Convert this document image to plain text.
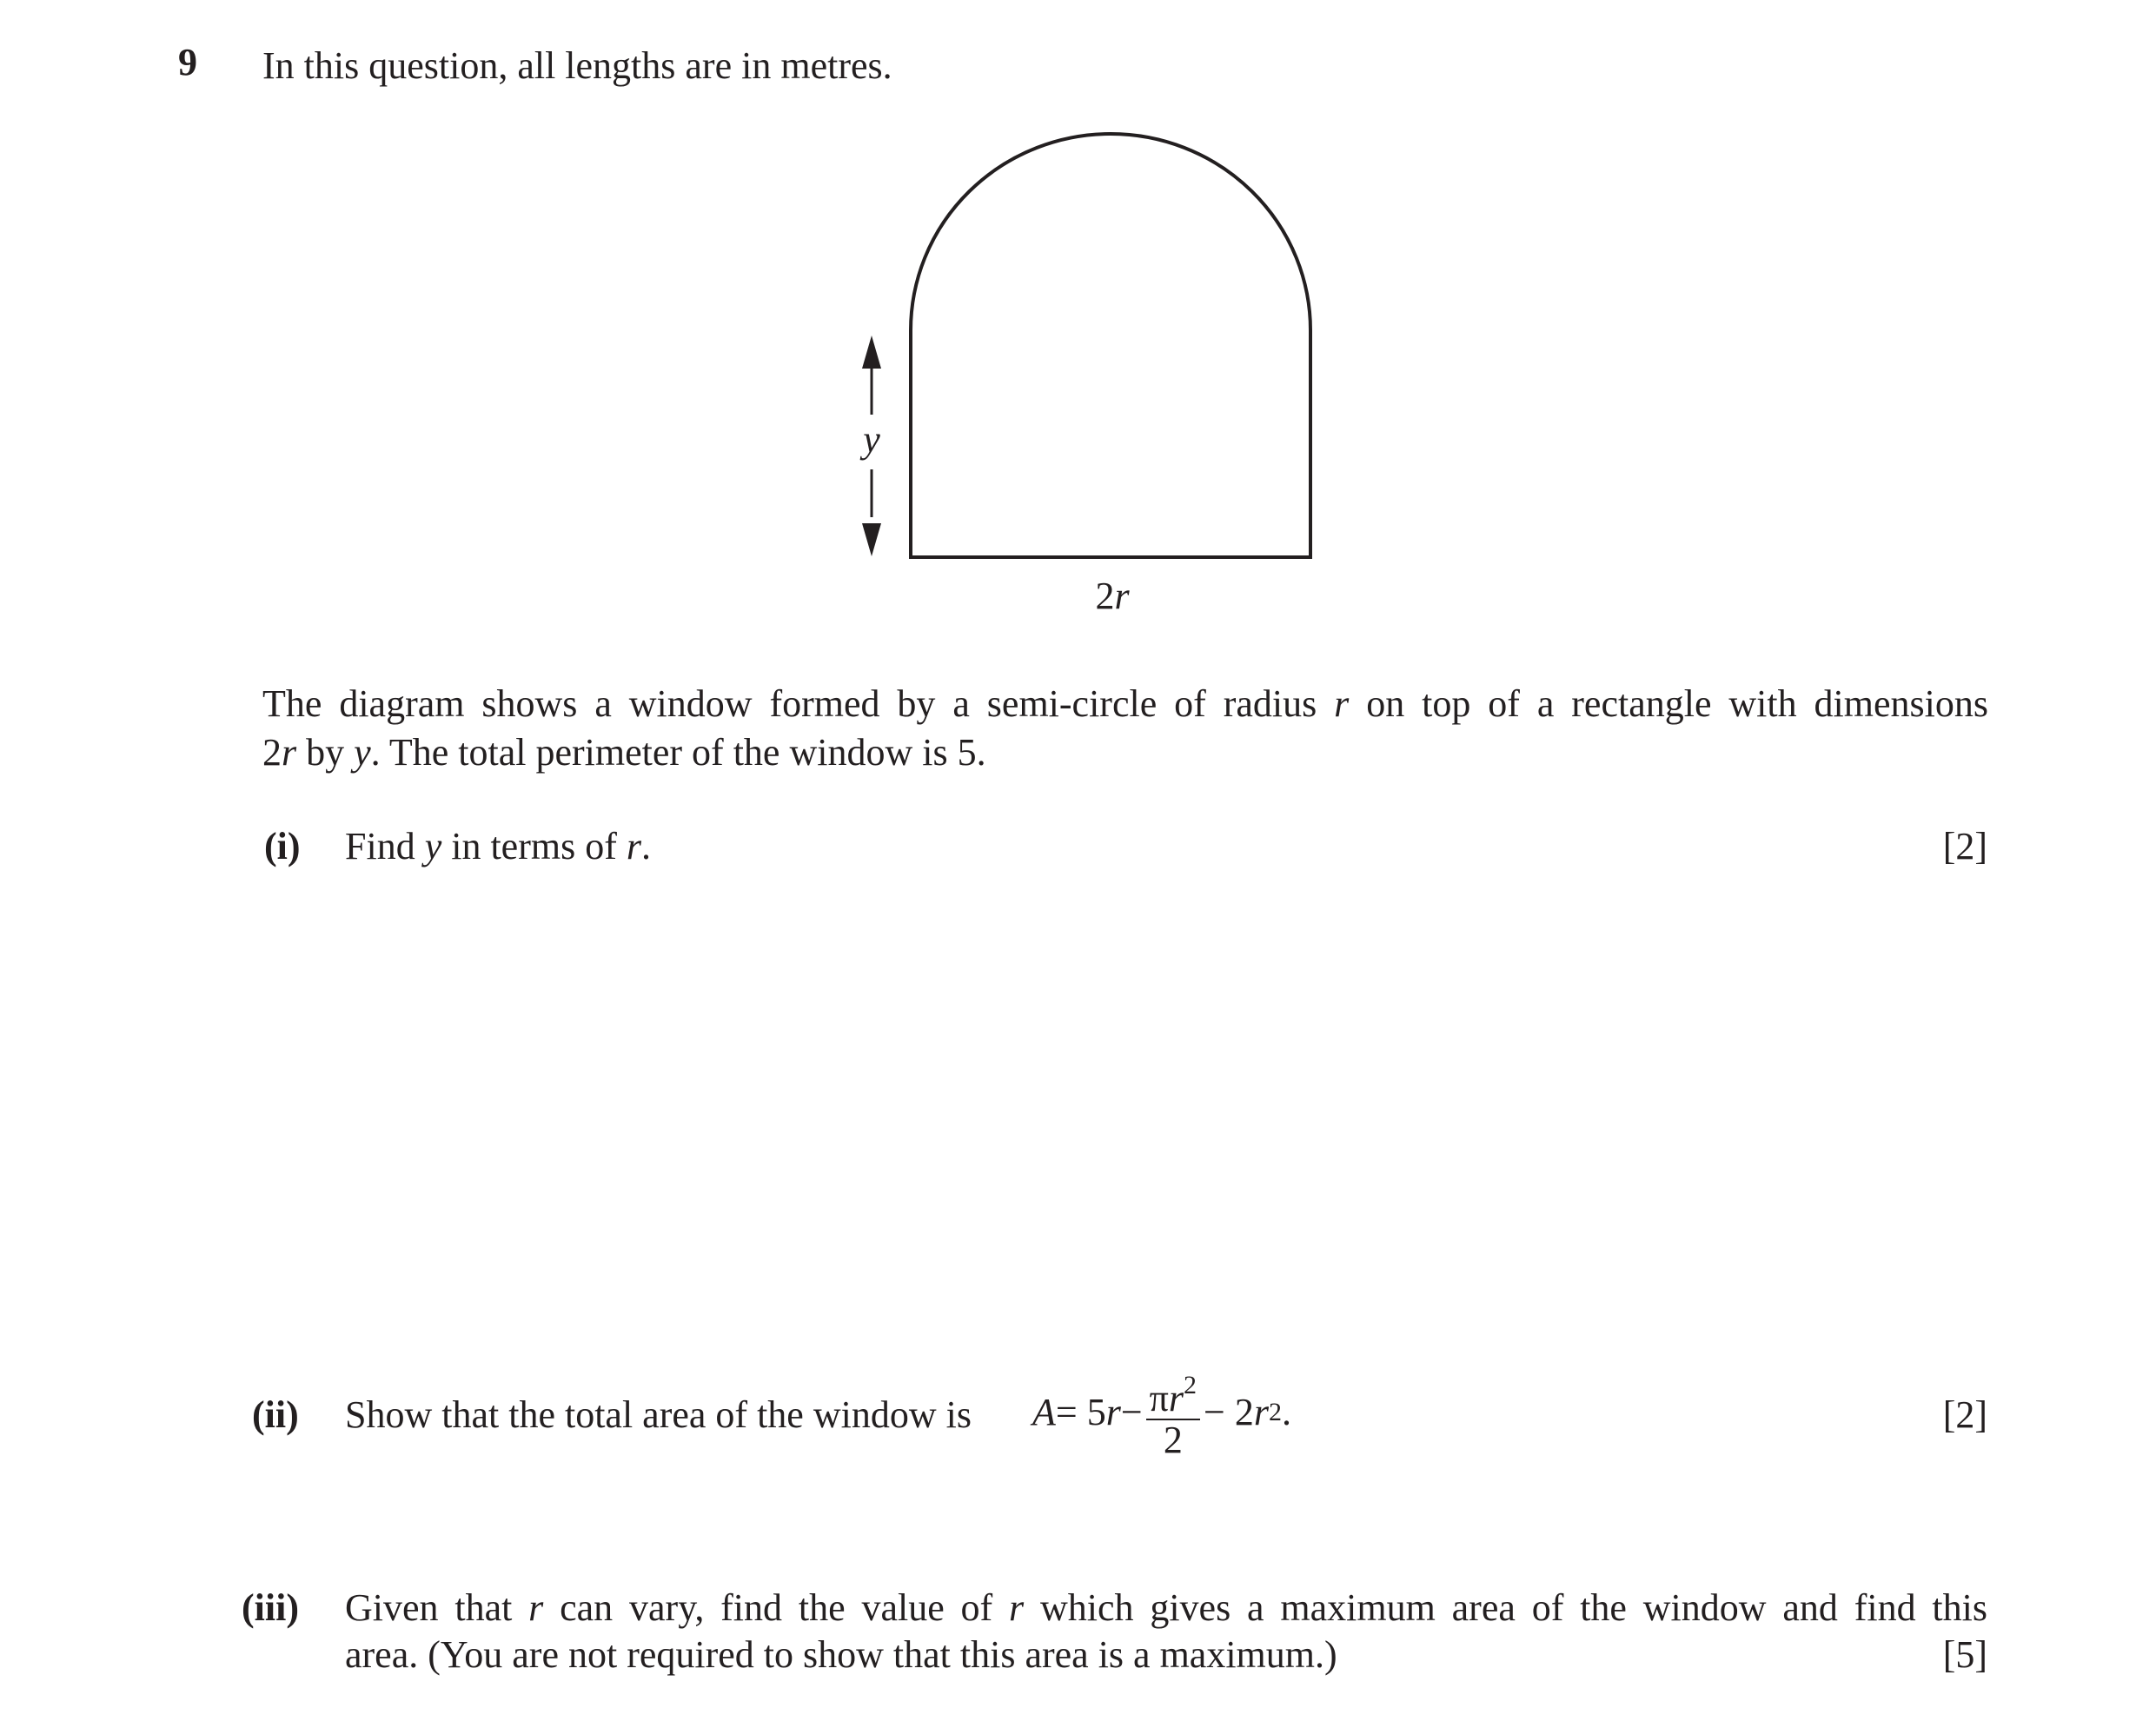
9 In this question, all lengths are in metres.
y
2r
The diagram shows a window formed by a semi-circle of radius r on top of a rectangle with dimensions
2r by y. The total perimeter of the window is 5.
(i) Find y in terms of r.	[2]
(ii) Show that the total area of the window is A = 5 $r - \frac{\pi r^2}{2} - 2$ r 2 .	[2]
(iii) Given that r can vary, find the value of r which gives a maximum area of the window and find this
area. (You are not required to show that this area is a maximum.)	[5]
